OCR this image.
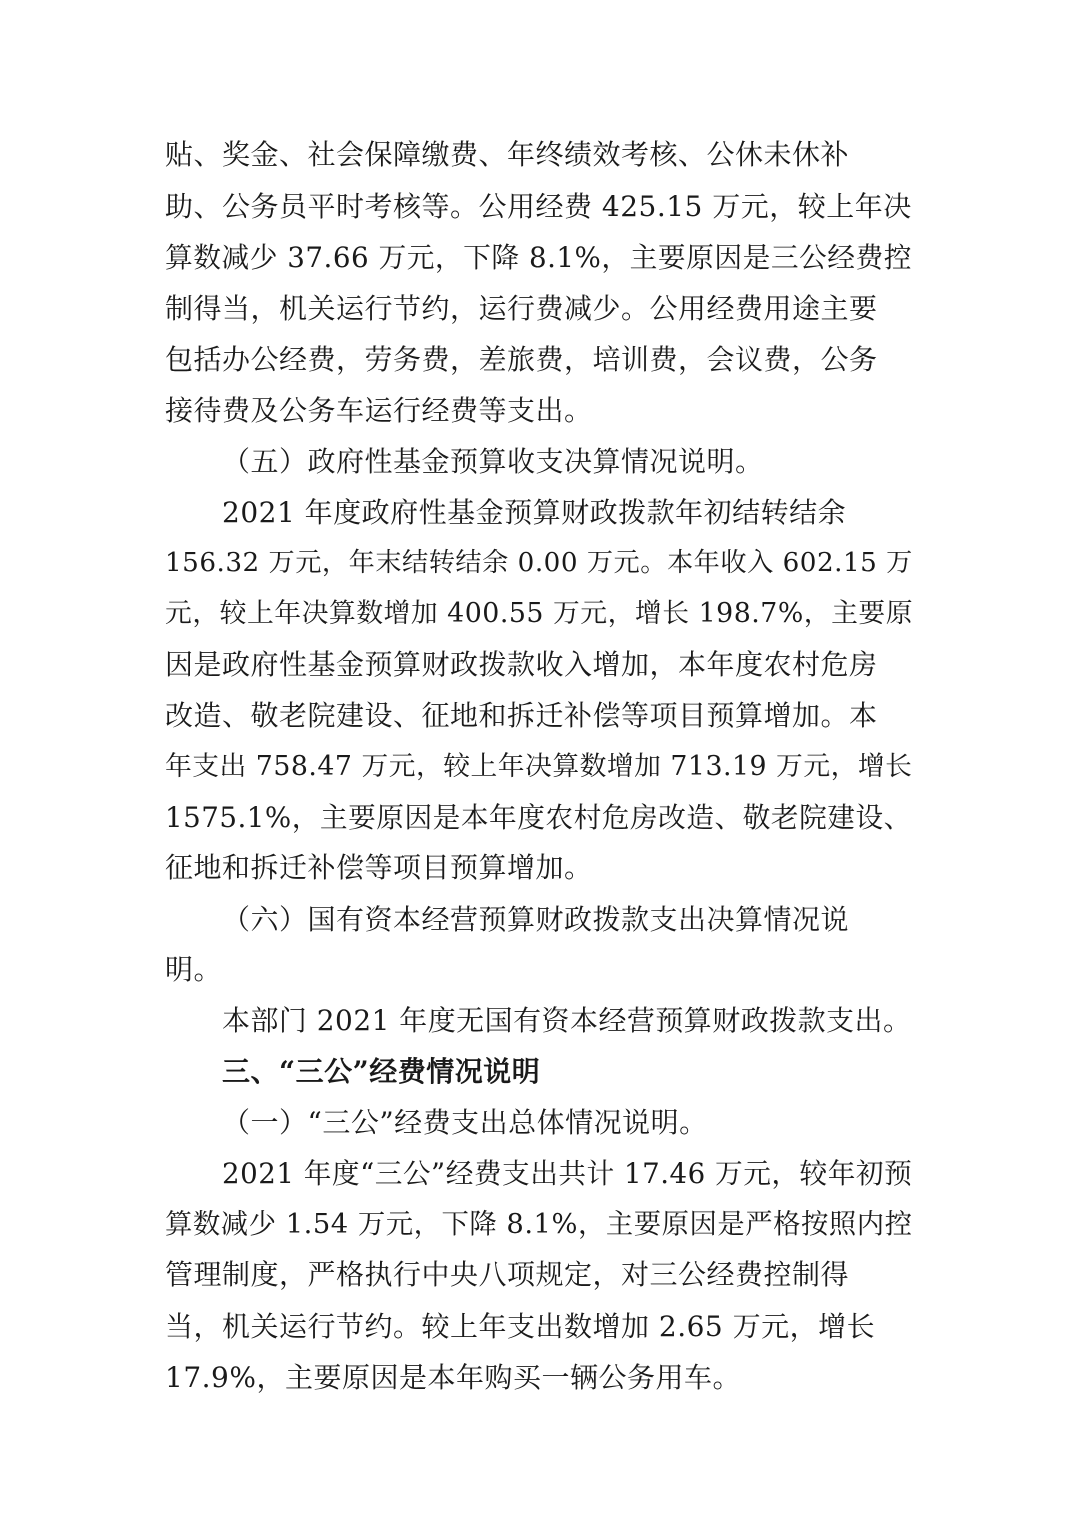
贴、奖金、社会保障缴费、年终绩效考核、公休未休补
助、公务员平时考核等。公用经费 425.15 万元，较上年决
算数减少 37.66 万元，下降 8.1%，主要原因是三公经费控
制得当，机关运行节约，运行费减少。公用经费用途主要
包括办公经费，劳务费，差旅费，培训费，会议费，公务
接待费及公务车运行经费等支出。
（五）政府性基金预算收支决算情况说明。
2021 年度政府性基金预算财政拨款年初结转结余
156.32 万元，年末结转结余 0.00 万元。本年收入 602.15 万
元，较上年决算数增加 400.55 万元，增长 198.7%，主要原
因是政府性基金预算财政拨款收入增加，本年度农村危房
改造、敬老院建设、征地和拆迁补偿等项目预算增加。本
年支出 758.47 万元，较上年决算数增加 713.19 万元，增长
1575.1%，主要原因是本年度农村危房改造、敬老院建设、
征地和拆迁补偿等项目预算增加。
（六）国有资本经营预算财政拨款支出决算情况说
明。
本部门 2021 年度无国有资本经营预算财政拨款支出。
三、“三公”经费情况说明
（一）“三公”经费支出总体情况说明。
2021 年度“三公”经费支出共计 17.46 万元，较年初预
算数减少 1.54 万元，下降 8.1%，主要原因是严格按照内控
管理制度，严格执行中央八项规定，对三公经费控制得
当，机关运行节约。较上年支出数增加 2.65 万元，增长
17.9%，主要原因是本年购买一辆公务用车。
